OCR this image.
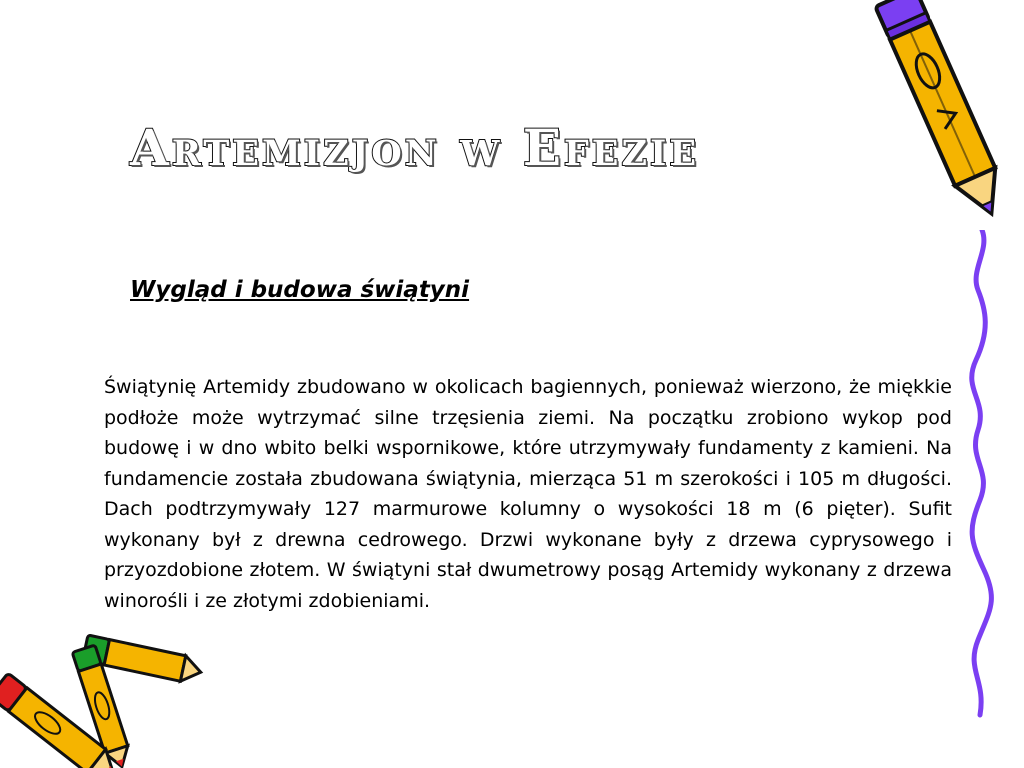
Artemizjon w Efezie
Wygląd i budowa świątyni

Świątynię Artemidy zbudowano w okolicach bagiennych, ponieważ wierzono, że miękkie podłoże może wytrzymać silne trzęsienia ziemi. Na początku zrobiono wykop pod budowę i w dno wbito belki wspornikowe, które utrzymywały fundamenty z kamieni. Na fundamencie została zbudowana świątynia, mierząca 51 m szerokości i 105 m długości. Dach podtrzymywały 127 marmurowe kolumny o wysokości 18 m (6 pięter). Sufit wykonany był z drewna cedrowego. Drzwi wykonane były z drzewa cyprysowego i przyozdobione złotem. W świątyni stał dwumetrowy posąg Artemidy wykonany z drzewa winorośli i ze złotymi zdobieniami.
